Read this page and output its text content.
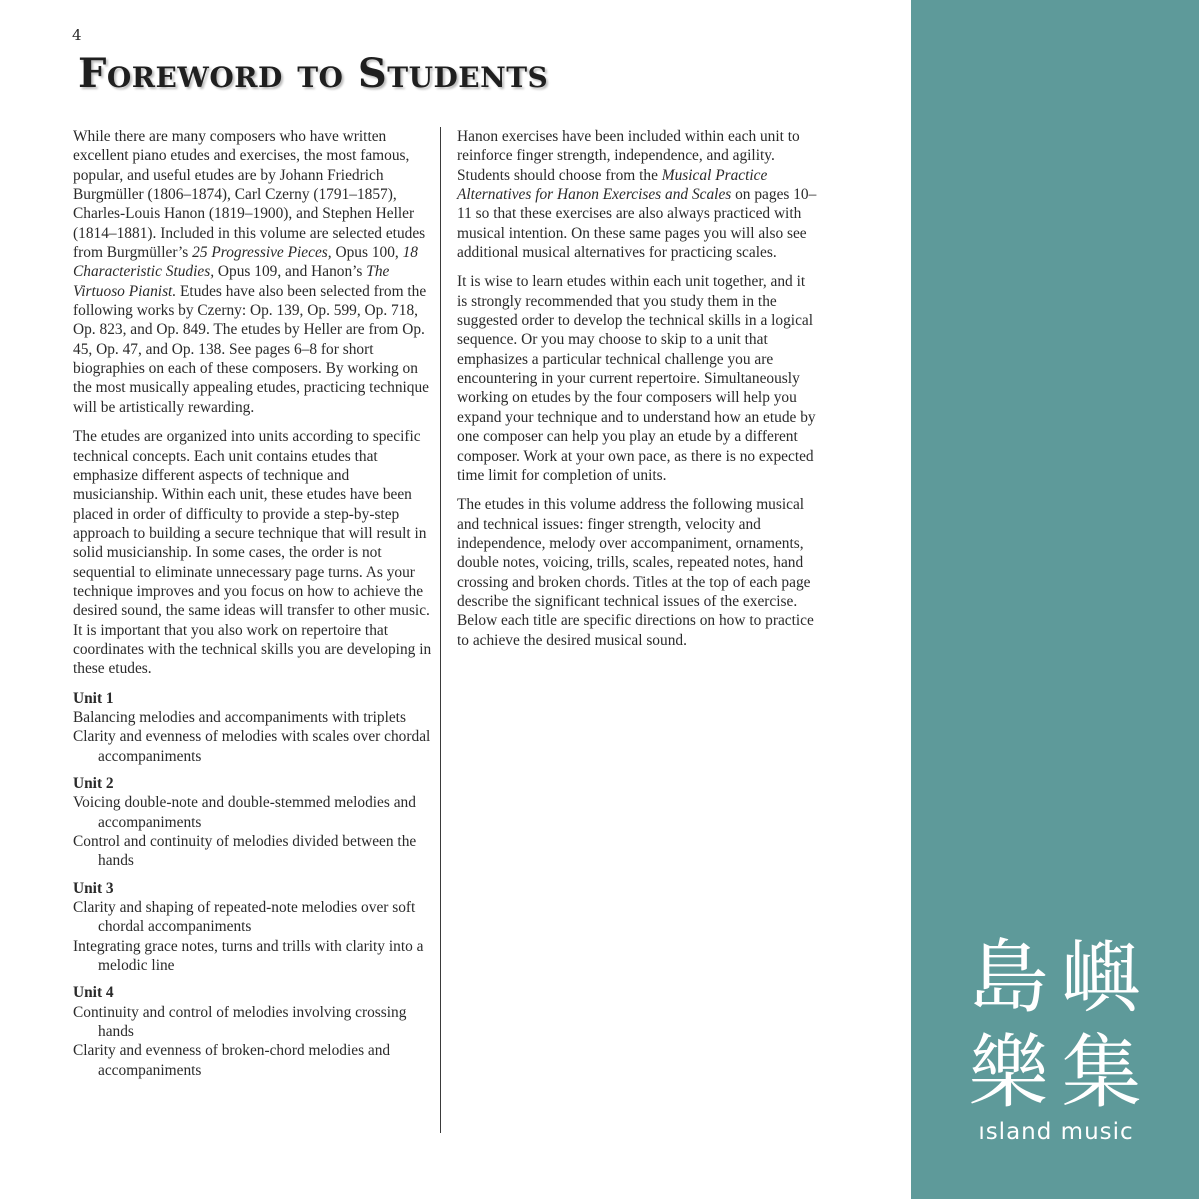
4
Foreword to Students

While there are many composers who have written excellent piano etudes and exercises, the most famous, popular, and useful etudes are by Johann Friedrich Burgmüller (1806–1874), Carl Czerny (1791–1857), Charles-Louis Hanon (1819–1900), and Stephen Heller (1814–1881). Included in this volume are selected etudes from Burgmüller’s 25 Progressive Pieces, Opus 100, 18 Characteristic Studies, Opus 109, and Hanon’s The Virtuoso Pianist. Etudes have also been selected from the following works by Czerny: Op. 139, Op. 599, Op. 718, Op. 823, and Op. 849. The etudes by Heller are from Op. 45, Op. 47, and Op. 138. See pages 6–8 for short biographies on each of these composers. By working on the most musically appealing etudes, practicing technique will be artistically rewarding.

The etudes are organized into units according to specific technical concepts. Each unit contains etudes that emphasize different aspects of technique and musicianship. Within each unit, these etudes have been placed in order of difficulty to provide a step-by-step approach to building a secure technique that will result in solid musicianship. In some cases, the order is not sequential to eliminate unnecessary page turns. As your technique improves and you focus on how to achieve the desired sound, the same ideas will transfer to other music. It is important that you also work on repertoire that coordinates with the technical skills you are developing in these etudes.

Unit 1
Balancing melodies and accompaniments with triplets
Clarity and evenness of melodies with scales over chordal accompaniments
Unit 2
Voicing double-note and double-stemmed melodies and accompaniments
Control and continuity of melodies divided between the hands
Unit 3
Clarity and shaping of repeated-note melodies over soft chordal accompaniments
Integrating grace notes, turns and trills with clarity into a melodic line
Unit 4
Continuity and control of melodies involving crossing hands
Clarity and evenness of broken-chord melodies and accompaniments

Hanon exercises have been included within each unit to reinforce finger strength, independence, and agility. Students should choose from the Musical Practice Alternatives for Hanon Exercises and Scales on pages 10–11 so that these exercises are also always practiced with musical intention. On these same pages you will also see additional musical alternatives for practicing scales.

It is wise to learn etudes within each unit together, and it is strongly recommended that you study them in the suggested order to develop the technical skills in a logical sequence. Or you may choose to skip to a unit that emphasizes a particular technical challenge you are encountering in your current repertoire. Simultaneously working on etudes by the four composers will help you expand your technique and to understand how an etude by one composer can help you play an etude by a different composer. Work at your own pace, as there is no expected time limit for completion of units.

The etudes in this volume address the following musical and technical issues: finger strength, velocity and independence, melody over accompaniment, ornaments, double notes, voicing, trills, scales, repeated notes, hand crossing and broken chords. Titles at the top of each page describe the significant technical issues of the exercise. Below each title are specific directions on how to practice to achieve the desired musical sound.

島 嶼
樂 集
ısland music
